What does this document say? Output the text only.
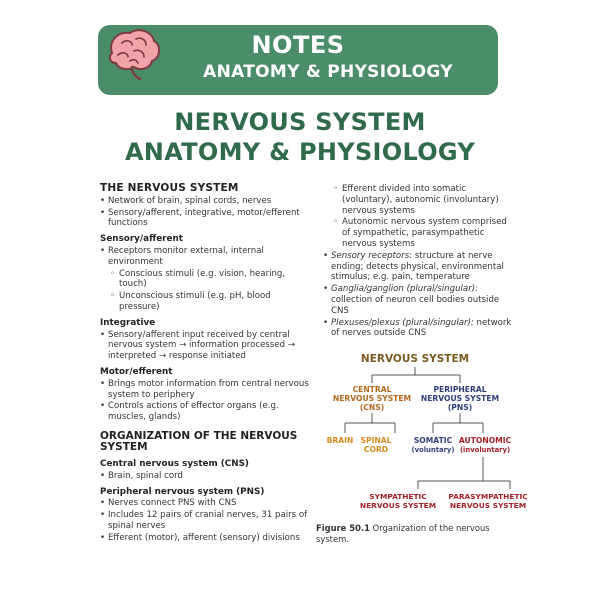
NOTES
ANATOMY & PHYSIOLOGY
NERVOUS SYSTEM
ANATOMY & PHYSIOLOGY
THE NERVOUS SYSTEM
• Network of brain, spinal cords, nerves
• Sensory/afferent, integrative, motor/efferent functions
Sensory/afferent
• Receptors monitor external, internal environment
◦ Conscious stimuli (e.g. vision, hearing, touch)
◦ Unconscious stimuli (e.g. pH, blood pressure)
Integrative
• Sensory/afferent input received by central nervous system → information processed → interpreted → response initiated
Motor/efferent
• Brings motor information from central nervous system to periphery
• Controls actions of effector organs (e.g. muscles, glands)
ORGANIZATION OF THE NERVOUS SYSTEM
Central nervous system (CNS)
• Brain, spinal cord
Peripheral nervous system (PNS)
• Nerves connect PNS with CNS
• Includes 12 pairs of cranial nerves, 31 pairs of spinal nerves
• Efferent (motor), afferent (sensory) divisions
◦ Efferent divided into somatic (voluntary), autonomic (involuntary) nervous systems
◦ Autonomic nervous system comprised of sympathetic, parasympathetic nervous systems
• Sensory receptors: structure at nerve ending; detects physical, environmental stimulus; e.g. pain, temperature
• Ganglia/ganglion (plural/singular): collection of neuron cell bodies outside CNS
• Plexuses/plexus (plural/singular): network of nerves outside CNS
NERVOUS SYSTEM
CENTRAL
NERVOUS SYSTEM
(CNS)
PERIPHERAL
NERVOUS SYSTEM
(PNS)
BRAIN SPINAL
CORD
SOMATIC
(voluntary)
AUTONOMIC
(involuntary)
SYMPATHETIC
NERVOUS SYSTEM
PARASYMPATHETIC
NERVOUS SYSTEM
Figure 50.1 Organization of the nervous system.
